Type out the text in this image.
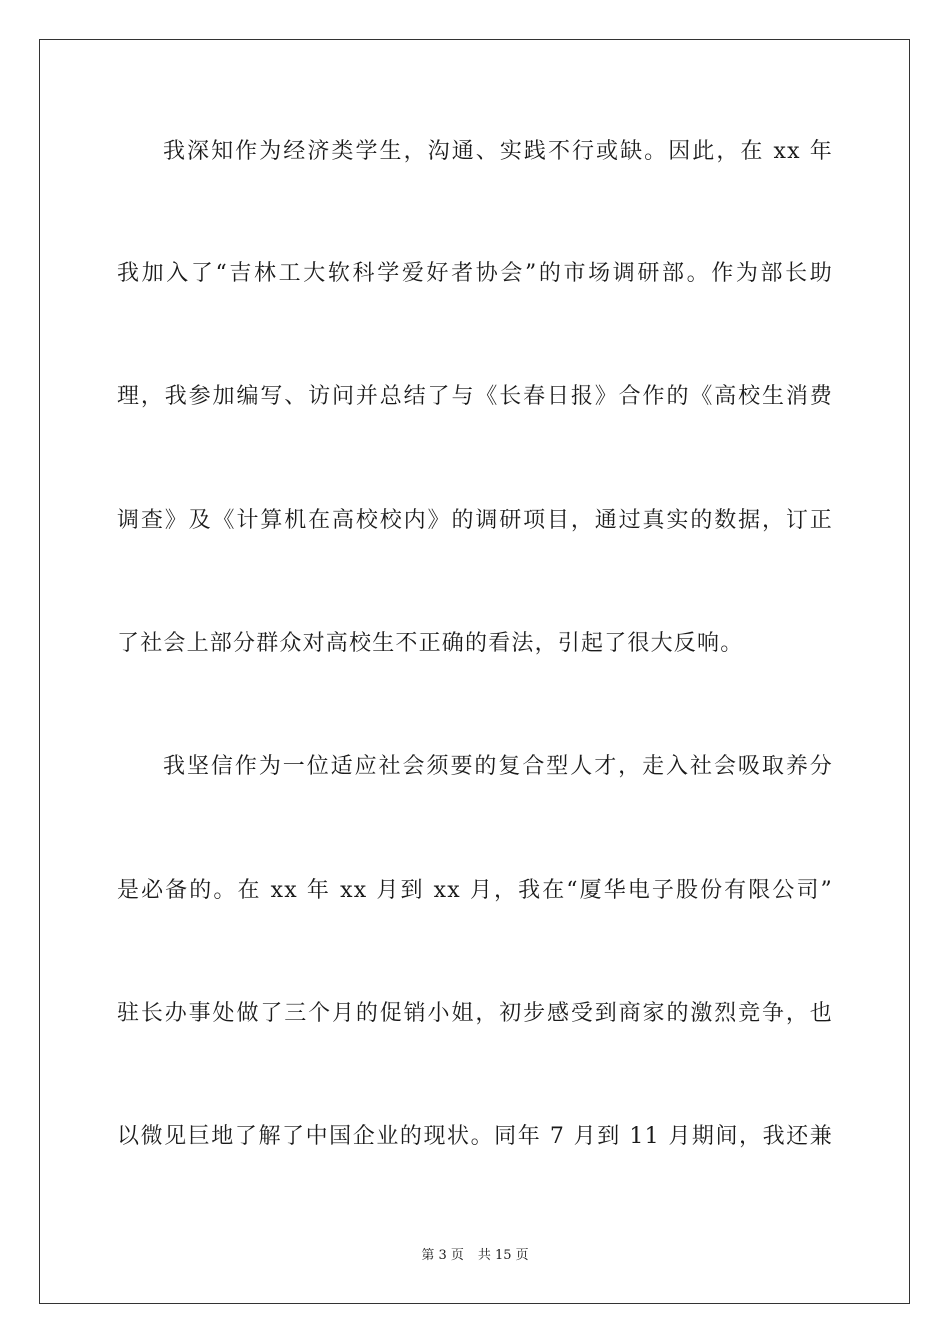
我深知作为经济类学生，沟通、实践不行或缺。因此，在 xx 年
我加入了“吉林工大软科学爱好者协会”的市场调研部。作为部长助
理，我参加编写、访问并总结了与《长春日报》合作的《高校生消费
调查》及《计算机在高校校内》的调研项目，通过真实的数据，订正
了社会上部分群众对高校生不正确的看法，引起了很大反响。
我坚信作为一位适应社会须要的复合型人才，走入社会吸取养分
是必备的。在 xx 年 xx 月到 xx 月，我在“厦华电子股份有限公司”
驻长办事处做了三个月的促销小姐，初步感受到商家的激烈竞争，也
以微见巨地了解了中国企业的现状。同年 7 月到 11 月期间，我还兼
第 3 页 共 15 页
